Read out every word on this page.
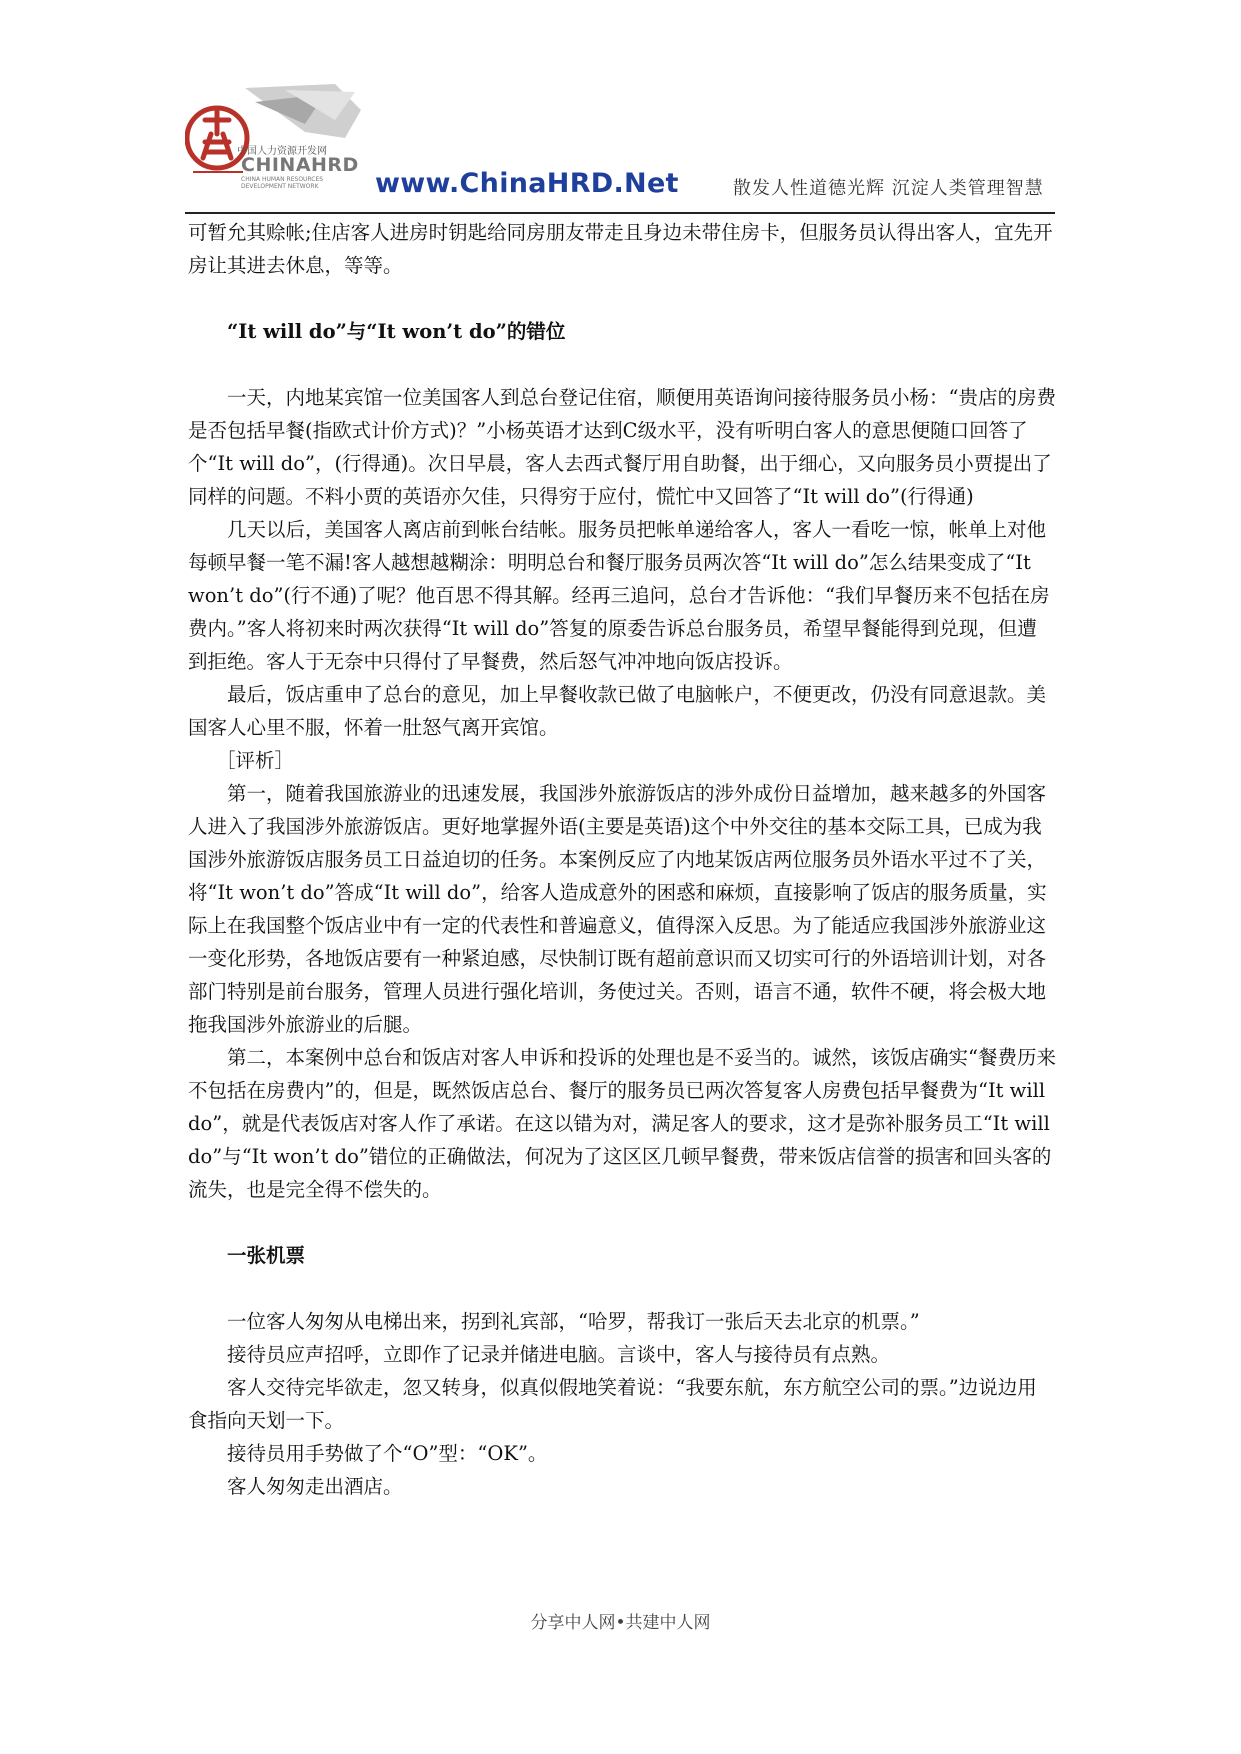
中国人力资源开发网
CHINAHRD
CHINA HUMAN RESOURCES DEVELOPMENT NETWORK	www.ChinaHRD.Net	散发人性道德光辉 沉淀人类管理智慧

可暂允其赊帐;住店客人进房时钥匙给同房朋友带走且身边未带住房卡，但服务员认得出客人，宜先开房让其进去休息，等等。

“It will do”与“It won’t do”的错位

一天，内地某宾馆一位美国客人到总台登记住宿，顺便用英语询问接待服务员小杨：“贵店的房费是否包括早餐(指欧式计价方式)？”小杨英语才达到C级水平，没有听明白客人的意思便随口回答了个“It will do”，(行得通)。次日早晨，客人去西式餐厅用自助餐，出于细心，又向服务员小贾提出了同样的问题。不料小贾的英语亦欠佳，只得穷于应付，慌忙中又回答了“It will do”(行得通)

几天以后，美国客人离店前到帐台结帐。服务员把帐单递给客人，客人一看吃一惊，帐单上对他每顿早餐一笔不漏!客人越想越糊涂：明明总台和餐厅服务员两次答“It will do”怎么结果变成了“It won’t do”(行不通)了呢？他百思不得其解。经再三追问，总台才告诉他：“我们早餐历来不包括在房费内。”客人将初来时两次获得“It will do”答复的原委告诉总台服务员，希望早餐能得到兑现，但遭到拒绝。客人于无奈中只得付了早餐费，然后怒气冲冲地向饭店投诉。

最后，饭店重申了总台的意见，加上早餐收款已做了电脑帐户，不便更改，仍没有同意退款。美国客人心里不服，怀着一肚怒气离开宾馆。

［评析］

第一，随着我国旅游业的迅速发展，我国涉外旅游饭店的涉外成份日益增加，越来越多的外国客人进入了我国涉外旅游饭店。更好地掌握外语(主要是英语)这个中外交往的基本交际工具，已成为我国涉外旅游饭店服务员工日益迫切的任务。本案例反应了内地某饭店两位服务员外语水平过不了关，将“It won’t do”答成“It will do”，给客人造成意外的困惑和麻烦，直接影响了饭店的服务质量，实际上在我国整个饭店业中有一定的代表性和普遍意义，值得深入反思。为了能适应我国涉外旅游业这一变化形势，各地饭店要有一种紧迫感，尽快制订既有超前意识而又切实可行的外语培训计划，对各部门特别是前台服务，管理人员进行强化培训，务使过关。否则，语言不通，软件不硬，将会极大地拖我国涉外旅游业的后腿。

第二，本案例中总台和饭店对客人申诉和投诉的处理也是不妥当的。诚然，该饭店确实“餐费历来不包括在房费内”的，但是，既然饭店总台、餐厅的服务员已两次答复客人房费包括早餐费为“It will do”，就是代表饭店对客人作了承诺。在这以错为对，满足客人的要求，这才是弥补服务员工“It will do”与“It won’t do”错位的正确做法，何况为了这区区几顿早餐费，带来饭店信誉的损害和回头客的流失，也是完全得不偿失的。

一张机票

一位客人匆匆从电梯出来，拐到礼宾部，“哈罗，帮我订一张后天去北京的机票。”

接待员应声招呼，立即作了记录并储进电脑。言谈中，客人与接待员有点熟。

客人交待完毕欲走，忽又转身，似真似假地笑着说：“我要东航，东方航空公司的票。”边说边用食指向天划一下。

接待员用手势做了个“O”型：“OK”。

客人匆匆走出酒店。

分享中人网•共建中人网
